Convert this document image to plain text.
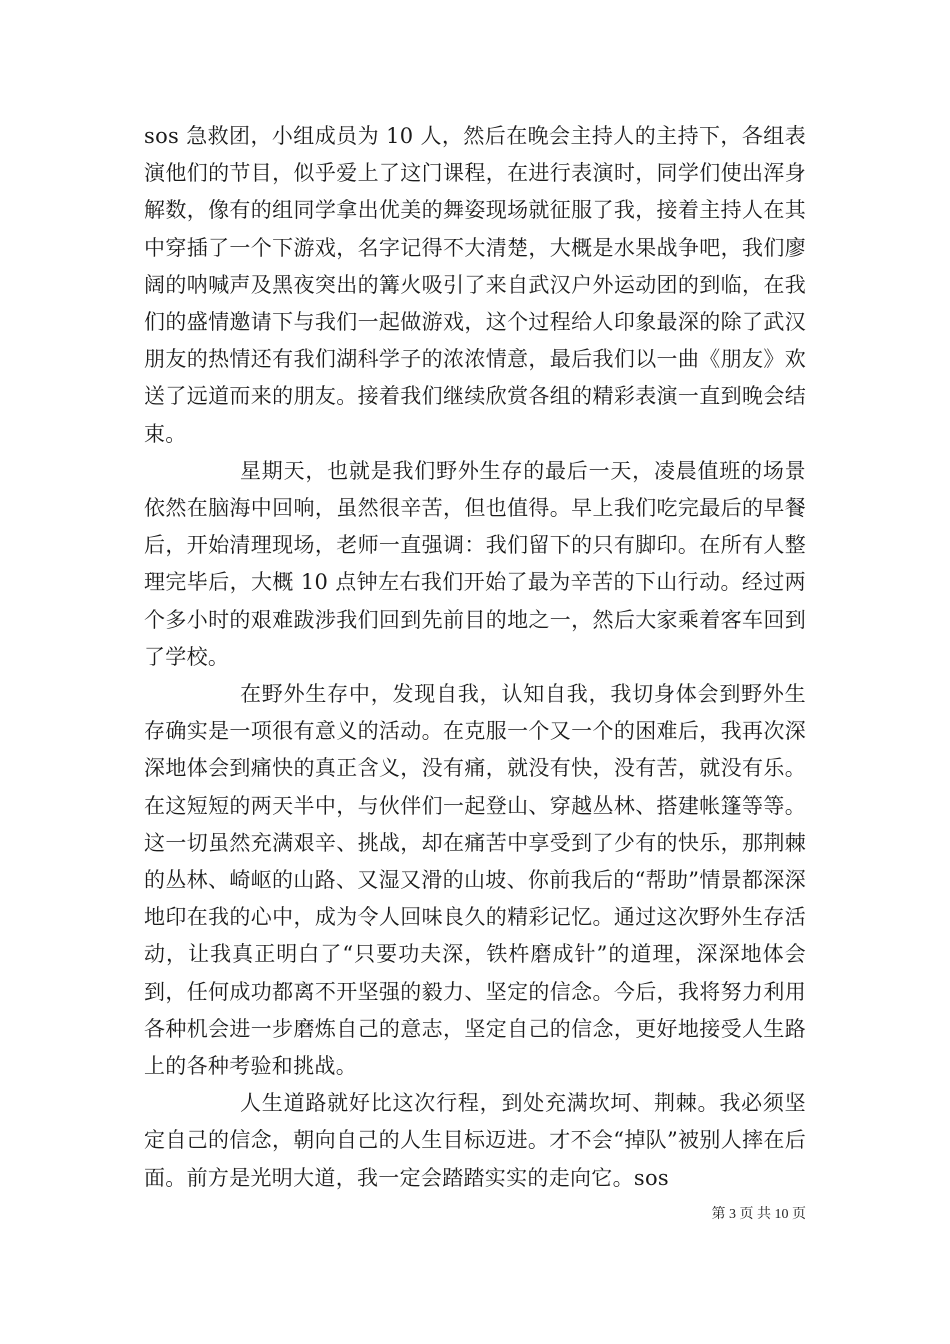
sos 急救团，小组成员为 10 人，然后在晚会主持人的主持下，各组表演他们的节目，似乎爱上了这门课程，在进行表演时，同学们使出浑身解数，像有的组同学拿出优美的舞姿现场就征服了我，接着主持人在其中穿插了一个下游戏，名字记得不大清楚，大概是水果战争吧，我们廖阔的呐喊声及黑夜突出的篝火吸引了来自武汉户外运动团的到临，在我们的盛情邀请下与我们一起做游戏，这个过程给人印象最深的除了武汉朋友的热情还有我们湖科学子的浓浓情意，最后我们以一曲《朋友》欢送了远道而来的朋友。接着我们继续欣赏各组的精彩表演一直到晚会结束。

星期天，也就是我们野外生存的最后一天，凌晨值班的场景依然在脑海中回响，虽然很辛苦，但也值得。早上我们吃完最后的早餐后，开始清理现场，老师一直强调：我们留下的只有脚印。在所有人整理完毕后，大概 10 点钟左右我们开始了最为辛苦的下山行动。经过两个多小时的艰难跋涉我们回到先前目的地之一，然后大家乘着客车回到了学校。

在野外生存中，发现自我，认知自我，我切身体会到野外生存确实是一项很有意义的活动。在克服一个又一个的困难后，我再次深深地体会到痛快的真正含义，没有痛，就没有快，没有苦，就没有乐。在这短短的两天半中，与伙伴们一起登山、穿越丛林、搭建帐篷等等。这一切虽然充满艰辛、挑战，却在痛苦中享受到了少有的快乐，那荆棘的丛林、崎岖的山路、又湿又滑的山坡、你前我后的“帮助”情景都深深地印在我的心中，成为令人回味良久的精彩记忆。通过这次野外生存活动，让我真正明白了“只要功夫深，铁杵磨成针”的道理，深深地体会到，任何成功都离不开坚强的毅力、坚定的信念。今后，我将努力利用各种机会进一步磨炼自己的意志，坚定自己的信念，更好地接受人生路上的各种考验和挑战。

人生道路就好比这次行程，到处充满坎坷、荆棘。我必须坚定自己的信念，朝向自己的人生目标迈进。才不会“掉队”被别人摔在后面。前方是光明大道，我一定会踏踏实实的走向它。sos

第 3 页 共 10 页
